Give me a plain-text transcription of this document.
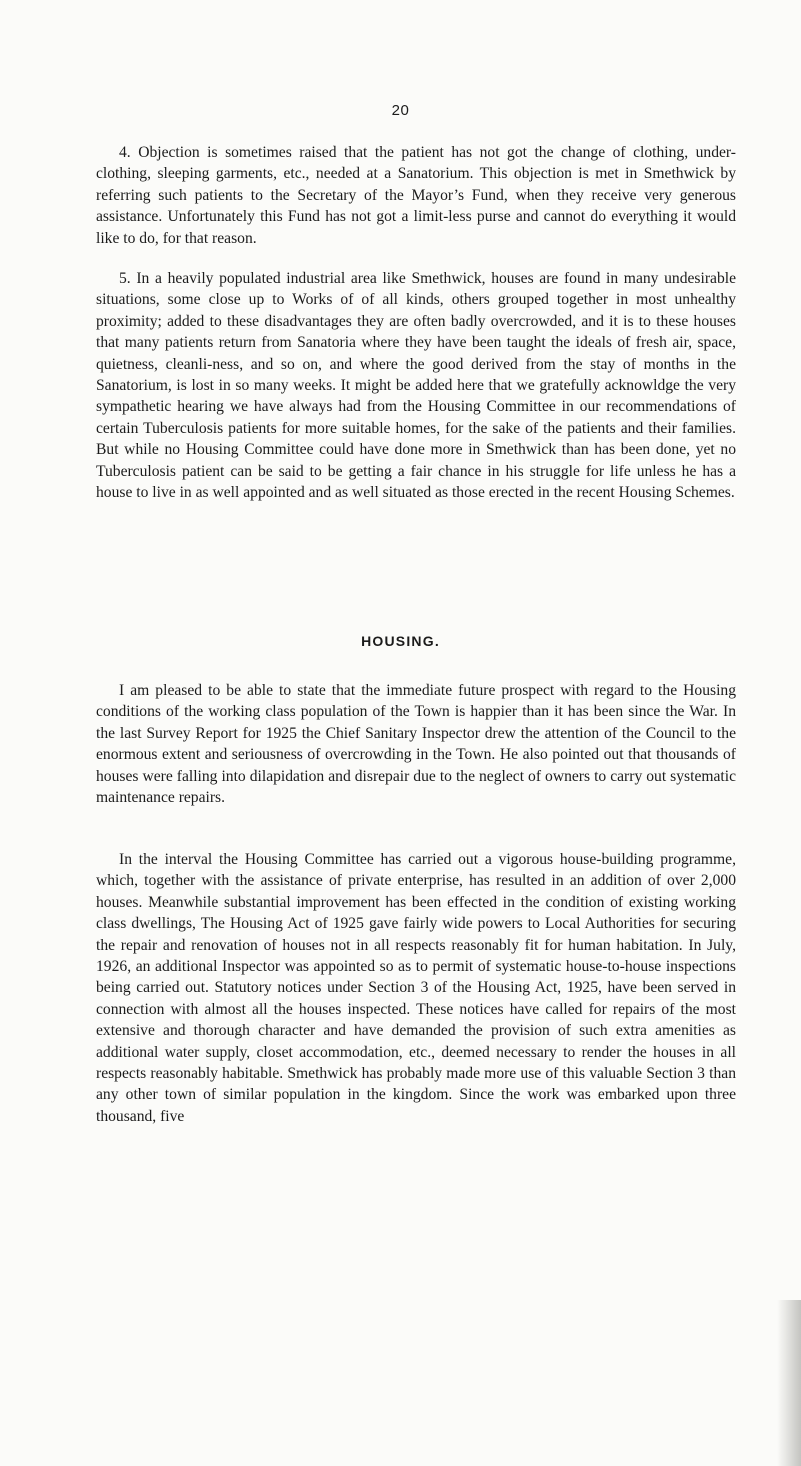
20

4. Objection is sometimes raised that the patient has not got the change of clothing, under-clothing, sleeping garments, etc., needed at a Sanatorium. This objection is met in Smethwick by referring such patients to the Secretary of the Mayor’s Fund, when they receive very generous assistance. Unfortunately this Fund has not got a limit-less purse and cannot do everything it would like to do, for that reason.

5. In a heavily populated industrial area like Smethwick, houses are found in many undesirable situations, some close up to Works of of all kinds, others grouped together in most unhealthy proximity; added to these disadvantages they are often badly overcrowded, and it is to these houses that many patients return from Sanatoria where they have been taught the ideals of fresh air, space, quietness, cleanli-ness, and so on, and where the good derived from the stay of months in the Sanatorium, is lost in so many weeks. It might be added here that we gratefully acknowldge the very sympathetic hearing we have always had from the Housing Committee in our recommendations of certain Tuberculosis patients for more suitable homes, for the sake of the patients and their families. But while no Housing Committee could have done more in Smethwick than has been done, yet no Tuberculosis patient can be said to be getting a fair chance in his struggle for life unless he has a house to live in as well appointed and as well situated as those erected in the recent Housing Schemes.

HOUSING.

I am pleased to be able to state that the immediate future prospect with regard to the Housing conditions of the working class population of the Town is happier than it has been since the War. In the last Survey Report for 1925 the Chief Sanitary Inspector drew the attention of the Council to the enormous extent and seriousness of overcrowding in the Town. He also pointed out that thousands of houses were falling into dilapidation and disrepair due to the neglect of owners to carry out systematic maintenance repairs.

In the interval the Housing Committee has carried out a vigorous house-building programme, which, together with the assistance of private enterprise, has resulted in an addition of over 2,000 houses. Meanwhile substantial improvement has been effected in the condition of existing working class dwellings, The Housing Act of 1925 gave fairly wide powers to Local Authorities for securing the repair and renovation of houses not in all respects reasonably fit for human habitation. In July, 1926, an additional Inspector was appointed so as to permit of systematic house-to-house inspections being carried out. Statutory notices under Section 3 of the Housing Act, 1925, have been served in connection with almost all the houses inspected. These notices have called for repairs of the most extensive and thorough character and have demanded the provision of such extra amenities as additional water supply, closet accommodation, etc., deemed necessary to render the houses in all respects reasonably habitable. Smethwick has probably made more use of this valuable Section 3 than any other town of similar population in the kingdom. Since the work was embarked upon three thousand, five
